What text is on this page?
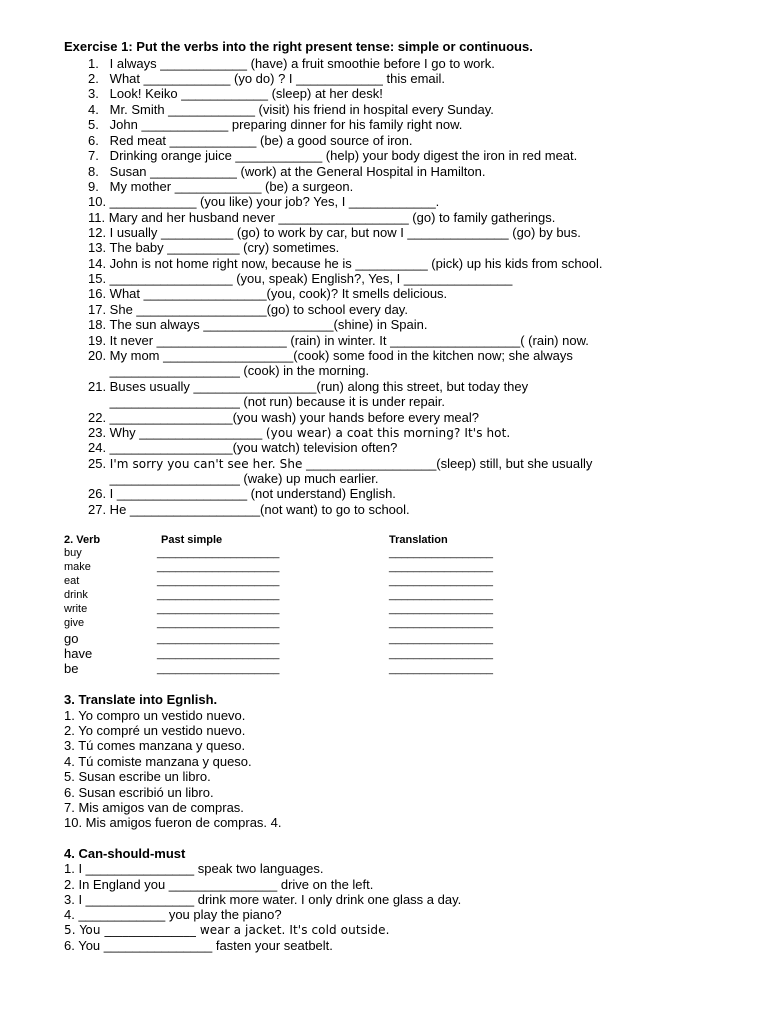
Exercise 1: Put the verbs into the right present tense: simple or continuous.
1.   I always ____________ (have) a fruit smoothie before I go to work.
2.   What ____________ (yo do) ? I ____________ this email.
3.   Look! Keiko ____________ (sleep) at her desk!
4.   Mr. Smith ____________ (visit) his friend in hospital every Sunday.
5.   John ____________ preparing dinner for his family right now.
6.   Red meat ____________ (be) a good source of iron.
7.   Drinking orange juice ____________ (help) your body digest the iron in red meat.
8.   Susan ____________ (work) at the General Hospital in Hamilton.
9.   My mother ____________ (be) a surgeon.
10. ____________ (you like) your job? Yes, I ____________.
11. Mary and her husband never __________________ (go) to family gatherings.
12. I usually __________ (go) to work by car, but now I ______________ (go) by bus.
13. The baby __________ (cry) sometimes.
14. John is not home right now, because he is __________ (pick) up his kids from school.
15. _________________ (you, speak) English?, Yes, I _______________
16. What _________________(you, cook)? It smells delicious.
17. She __________________(go) to school every day.
18. The sun always __________________(shine) in Spain.
19. It never __________________ (rain) in winter. It __________________( (rain) now.
20. My mom __________________(cook) some food in the kitchen now; she always
__________________ (cook) in the morning.
21. Buses usually _________________(run) along this street, but today they
__________________ (not run) because it is under repair.
22. _________________(you wash) your hands before every meal?
23. Why _________________ (you wear) a coat this morning? It's hot.
24. _________________(you watch) television often?
25. I'm sorry you can't see her. She __________________(sleep) still, but she usually
__________________ (wake) up much earlier.
26. I __________________ (not understand) English.
27. He __________________(not want) to go to school.
2. Verb	Past simple	Translation
buy
make
eat
drink
write
give
go
have
be
____________________
____________________
____________________
____________________
____________________
____________________
____________________
____________________
____________________
_________________
_________________
_________________
_________________
_________________
_________________
_________________
_________________
_________________
3. Translate into Egnlish.
1. Yo compro un vestido nuevo.
2. Yo compré un vestido nuevo.
3. Tú comes manzana y queso.
4. Tú comiste manzana y queso.
5. Susan escribe un libro.
6. Susan escribió un libro.
7. Mis amigos van de compras.
10. Mis amigos fueron de compras. 4.
4. Can-should-must
1. I _______________ speak two languages.
2. In England you _______________ drive on the left.
3. I _______________ drink more water. I only drink one glass a day.
4. ____________ you play the piano?
5. You _______________ wear a jacket. It's cold outside.
6. You _______________ fasten your seatbelt.
